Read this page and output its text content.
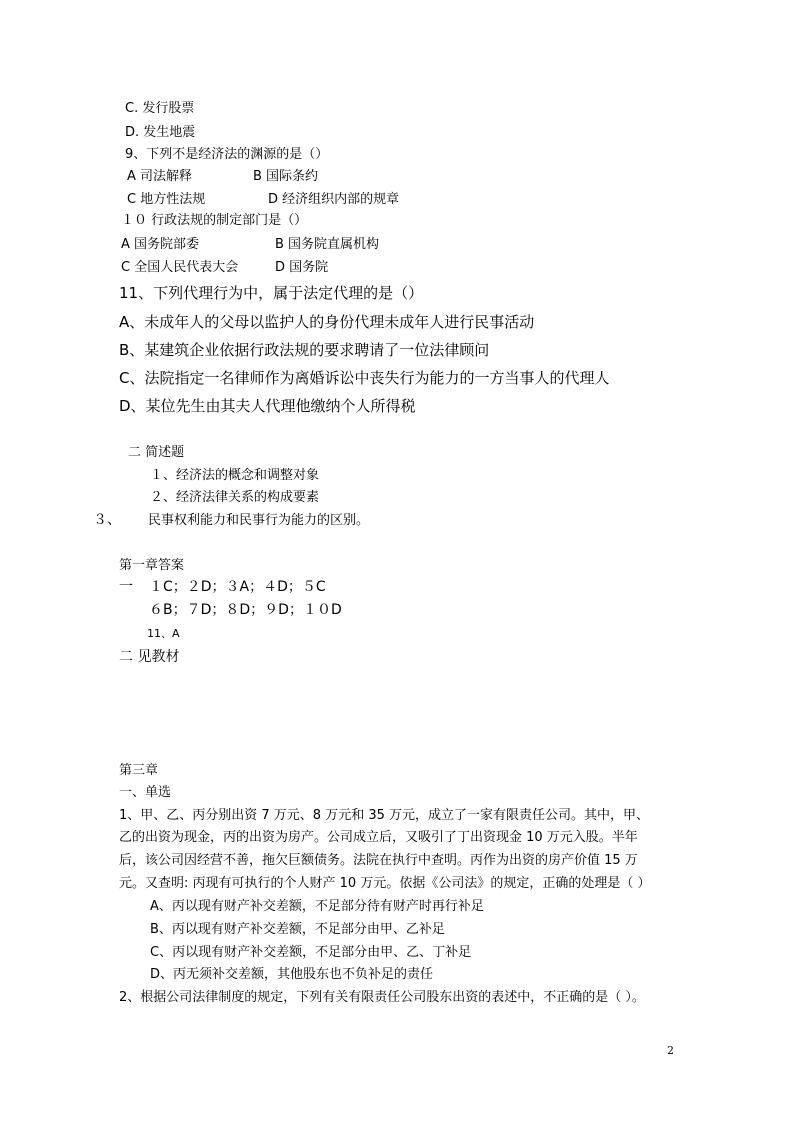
C. 发行股票
D. 发生地震
9、下列不是经济法的渊源的是（）
A 司法解释	B 国际条约
C 地方性法规	D 经济组织内部的规章
１０ 行政法规的制定部门是（）
A 国务院部委	B 国务院直属机构
C 全国人民代表大会	D 国务院
11、下列代理行为中，属于法定代理的是（）
A、未成年人的父母以监护人的身份代理未成年人进行民事活动
B、某建筑企业依据行政法规的要求聘请了一位法律顾问
C、法院指定一名律师作为离婚诉讼中丧失行为能力的一方当事人的代理人
D、某位先生由其夫人代理他缴纳个人所得税
二 简述题
１、经济法的概念和调整对象
２、经济法律关系的构成要素
３、 民事权利能力和民事行为能力的区别。
第一章答案
一 １C；２D；３A；４D；５C
６B；７D；８D；９D；１０D
11、A
二 见教材
第三章
一、单选
1、甲、乙、丙分别出资 7 万元、8 万元和 35 万元，成立了一家有限责任公司。其中，甲、
乙的出资为现金，丙的出资为房产。公司成立后，又吸引了丁出资现金 10 万元入股。半年
后，该公司因经营不善，拖欠巨额债务。法院在执行中查明。丙作为出资的房产价值 15 万
元。又查明: 丙现有可执行的个人财产 10 万元。依据《公司法》的规定，正确的处理是（ ）
A、丙以现有财产补交差额，不足部分待有财产时再行补足
B、丙以现有财产补交差额，不足部分由甲、乙补足
C、丙以现有财产补交差额，不足部分由甲、乙、丁补足
D、丙无须补交差额，其他股东也不负补足的责任
2、根据公司法律制度的规定，下列有关有限责任公司股东出资的表述中，不正确的是（ ）。
2
